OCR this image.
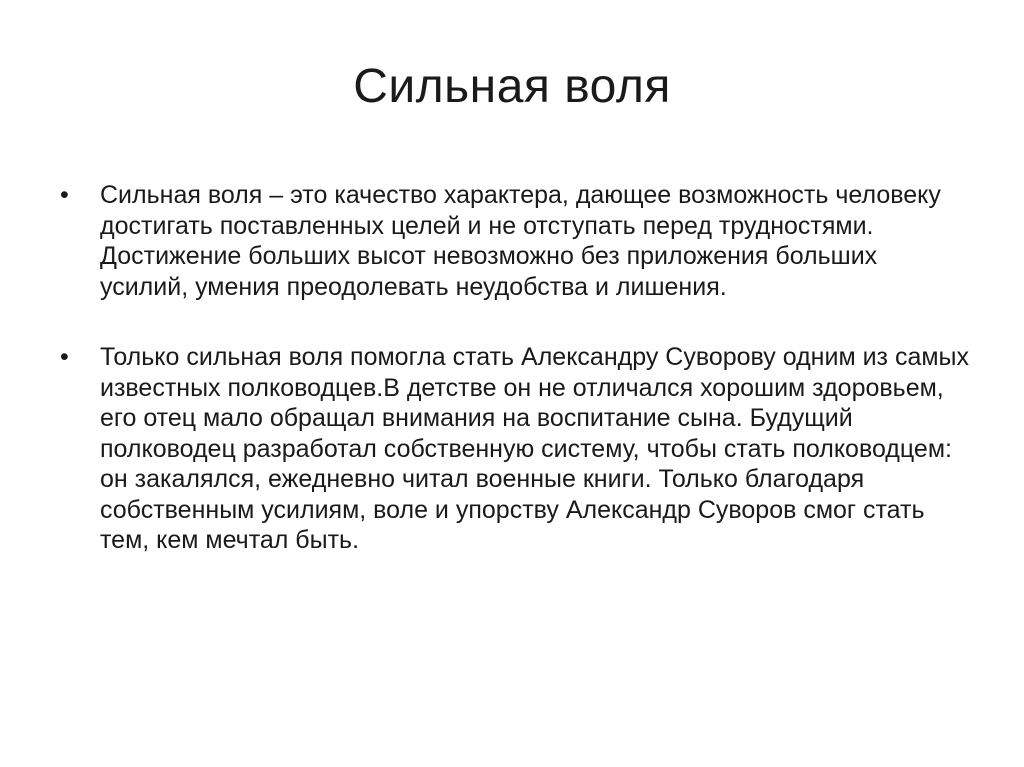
Сильная воля
•	Сильная воля – это качество характера, дающее возможность человеку достигать поставленных целей и не отступать перед трудностями. Достижение больших высот невозможно без приложения больших усилий, умения преодолевать неудобства и лишения.
•	Только сильная воля помогла стать Александру Суворову одним из самых известных полководцев.В детстве он не отличался хорошим здоровьем, его отец мало обращал внимания на воспитание сына. Будущий полководец разработал собственную систему, чтобы стать полководцем: он закалялся, ежедневно читал военные книги. Только благодаря собственным усилиям, воле и упорству Александр Суворов смог стать тем, кем мечтал быть.
